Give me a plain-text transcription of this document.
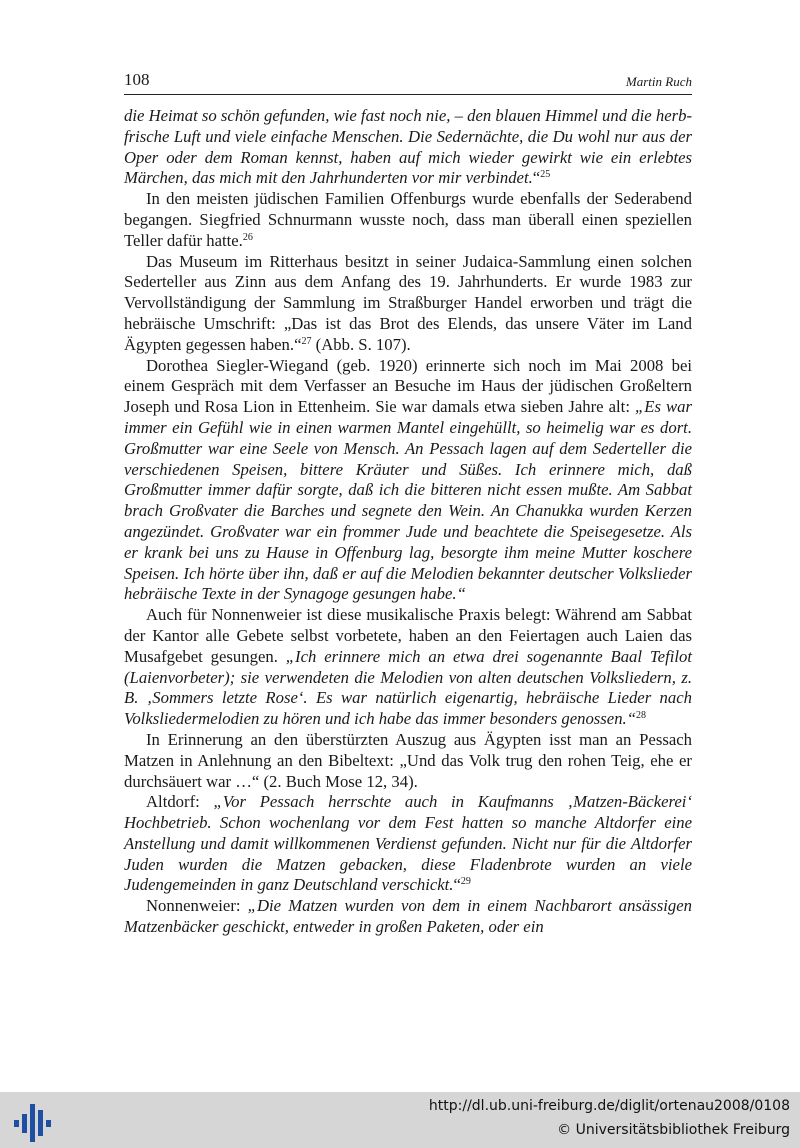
108	Martin Ruch

die Heimat so schön gefunden, wie fast noch nie, – den blauen Himmel und die herb-frische Luft und viele einfache Menschen. Die Sedernächte, die Du wohl nur aus der Oper oder dem Roman kennst, haben auf mich wieder gewirkt wie ein erlebtes Märchen, das mich mit den Jahrhunderten vor mir verbindet.“$^{25}$

In den meisten jüdischen Familien Offenburgs wurde ebenfalls der Sederabend begangen. Siegfried Schnurmann wusste noch, dass man überall einen speziellen Teller dafür hatte.$^{26}$

Das Museum im Ritterhaus besitzt in seiner Judaica-Sammlung einen solchen Sederteller aus Zinn aus dem Anfang des 19. Jahrhunderts. Er wurde 1983 zur Vervollständigung der Sammlung im Straßburger Handel erworben und trägt die hebräische Umschrift: „Das ist das Brot des Elends, das unsere Väter im Land Ägypten gegessen haben.“$^{27}$ (Abb. S. 107).

Dorothea Siegler-Wiegand (geb. 1920) erinnerte sich noch im Mai 2008 bei einem Gespräch mit dem Verfasser an Besuche im Haus der jüdischen Großeltern Joseph und Rosa Lion in Ettenheim. Sie war damals etwa sieben Jahre alt: „Es war immer ein Gefühl wie in einen warmen Mantel eingehüllt, so heimelig war es dort. Großmutter war eine Seele von Mensch. An Pessach lagen auf dem Sederteller die verschiedenen Speisen, bittere Kräuter und Süßes. Ich erinnere mich, daß Großmutter immer dafür sorgte, daß ich die bitteren nicht essen mußte. Am Sabbat brach Großvater die Barches und segnete den Wein. An Chanukka wurden Kerzen angezündet. Großvater war ein frommer Jude und beachtete die Speisegesetze. Als er krank bei uns zu Hause in Offenburg lag, besorgte ihm meine Mutter koschere Speisen. Ich hörte über ihn, daß er auf die Melodien bekannter deutscher Volkslieder hebräische Texte in der Synagoge gesungen habe.“

Auch für Nonnenweier ist diese musikalische Praxis belegt: Während am Sabbat der Kantor alle Gebete selbst vorbetete, haben an den Feiertagen auch Laien das Musafgebet gesungen. „Ich erinnere mich an etwa drei sogenannte Baal Tefilot (Laienvorbeter); sie verwendeten die Melodien von alten deutschen Volksliedern, z. B. ‚Sommers letzte Rose‘. Es war natürlich eigenartig, hebräische Lieder nach Volksliedermelodien zu hören und ich habe das immer besonders genossen.“$^{28}$

In Erinnerung an den überstürzten Auszug aus Ägypten isst man an Pessach Matzen in Anlehnung an den Bibeltext: „Und das Volk trug den rohen Teig, ehe er durchsäuert war …“ (2. Buch Mose 12, 34).

Altdorf: „Vor Pessach herrschte auch in Kaufmanns ‚Matzen-Bäckerei‘ Hochbetrieb. Schon wochenlang vor dem Fest hatten so manche Altdorfer eine Anstellung und damit willkommenen Verdienst gefunden. Nicht nur für die Altdorfer Juden wurden die Matzen gebacken, diese Fladenbrote wurden an viele Judengemeinden in ganz Deutschland verschickt.“$^{29}$

Nonnenweier: „Die Matzen wurden von dem in einem Nachbarort ansässigen Matzenbäcker geschickt, entweder in großen Paketen, oder ein

http://dl.ub.uni-freiburg.de/diglit/ortenau2008/0108
© Universitätsbibliothek Freiburg
